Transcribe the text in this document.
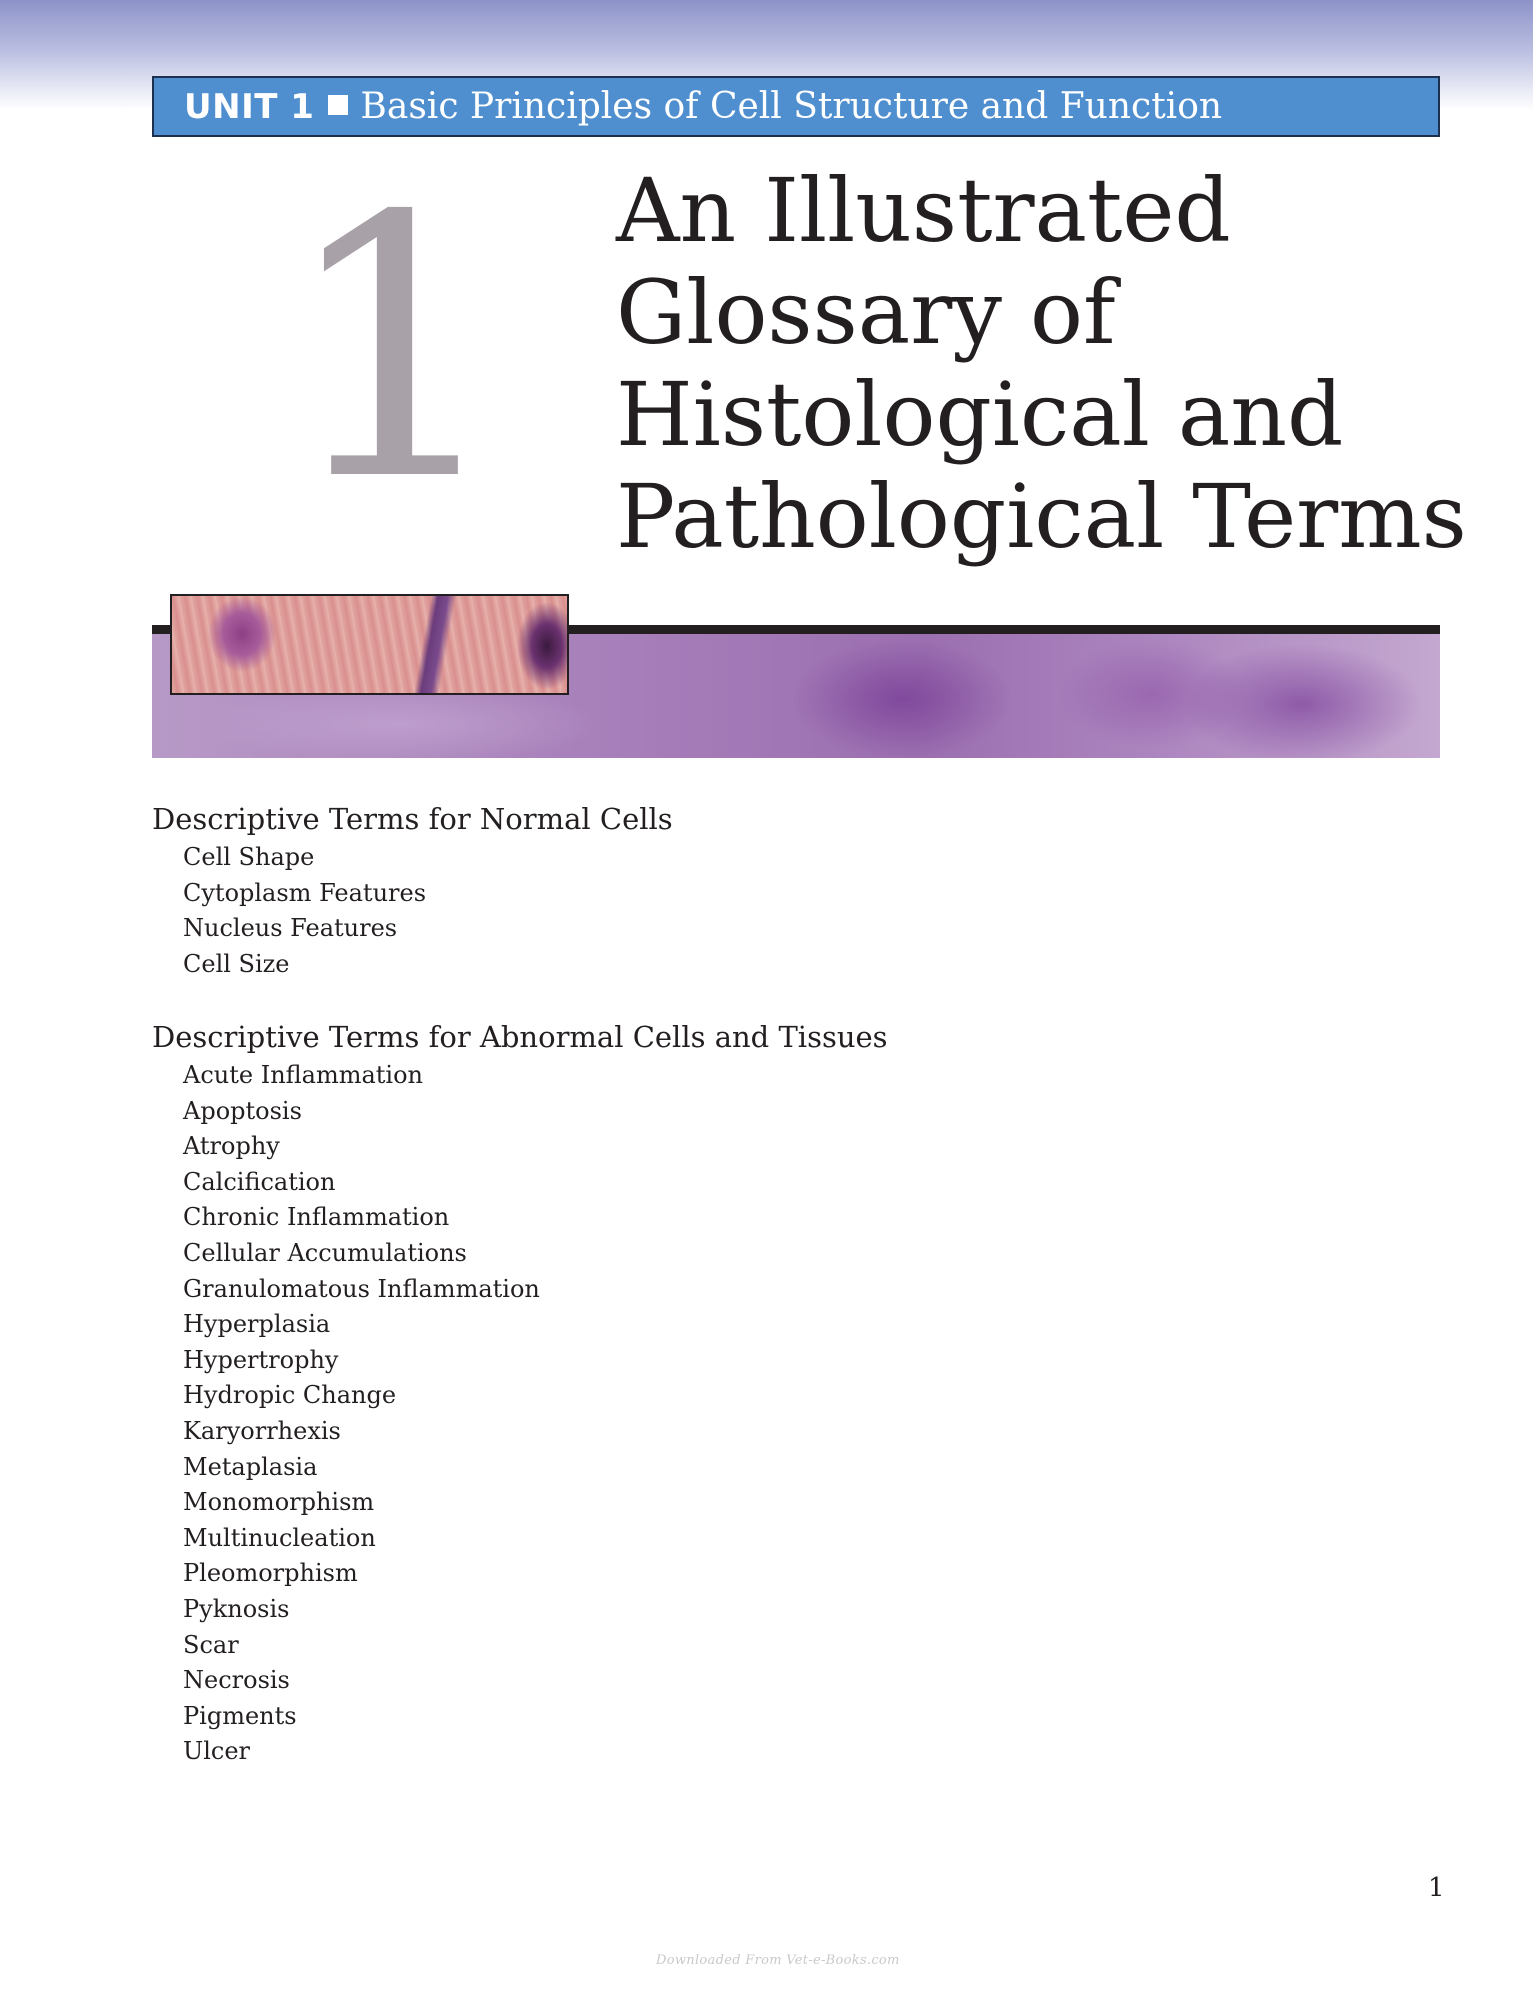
UNIT 1 Basic Principles of Cell Structure and Function
1 An Illustrated
Glossary of
Histological and
Pathological Terms
Descriptive Terms for Normal Cells
Cell Shape
Cytoplasm Features
Nucleus Features
Cell Size
Descriptive Terms for Abnormal Cells and Tissues
Acute Inflammation
Apoptosis
Atrophy
Calcification
Chronic Inflammation
Cellular Accumulations
Granulomatous Inflammation
Hyperplasia
Hypertrophy
Hydropic Change
Karyorrhexis
Metaplasia
Monomorphism
Multinucleation
Pleomorphism
Pyknosis
Scar
Necrosis
Pigments
Ulcer
1
Downloaded From Vet-e-Books.com
